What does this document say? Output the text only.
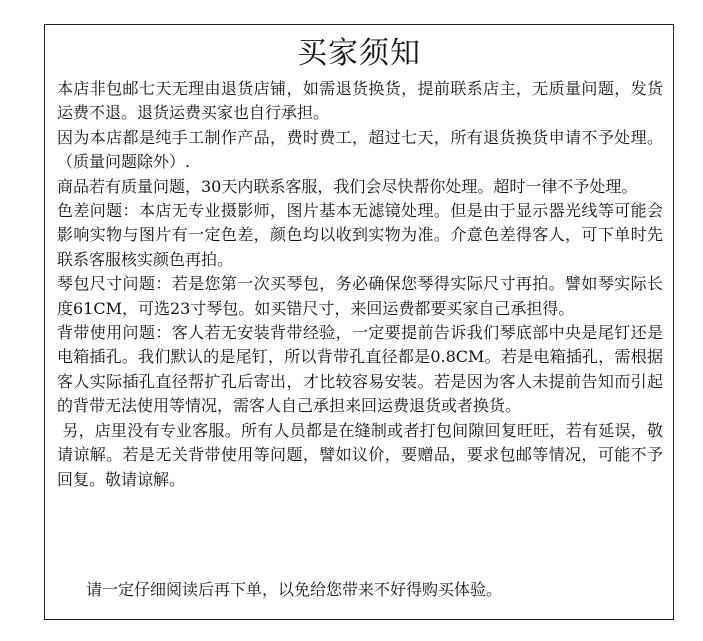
买家须知

本店非包邮七天无理由退货店铺，如需退货换货，提前联系店主，无质量问题，发货运费不退。退货运费买家也自行承担。

因为本店都是纯手工制作产品，费时费工，超过七天，所有退货换货申请不予处理。（质量问题除外）.

商品若有质量问题，30天内联系客服，我们会尽快帮你处理。超时一律不予处理。

色差问题：本店无专业摄影师，图片基本无滤镜处理。但是由于显示器光线等可能会影响实物与图片有一定色差，颜色均以收到实物为准。介意色差得客人，可下单时先联系客服核实颜色再拍。

琴包尺寸问题：若是您第一次买琴包，务必确保您琴得实际尺寸再拍。譬如琴实际长度61CM，可选23寸琴包。如买错尺寸，来回运费都要买家自己承担得。

背带使用问题：客人若无安装背带经验，一定要提前告诉我们琴底部中央是尾钉还是电箱插孔。我们默认的是尾钉，所以背带孔直径都是0.8CM。若是电箱插孔，需根据客人实际插孔直径帮扩孔后寄出，才比较容易安装。若是因为客人未提前告知而引起的背带无法使用等情况，需客人自己承担来回运费退货或者换货。

另，店里没有专业客服。所有人员都是在缝制或者打包间隙回复旺旺，若有延误，敬请谅解。若是无关背带使用等问题，譬如议价，要赠品，要求包邮等情况，可能不予回复。敬请谅解。

请一定仔细阅读后再下单，以免给您带来不好得购买体验。
